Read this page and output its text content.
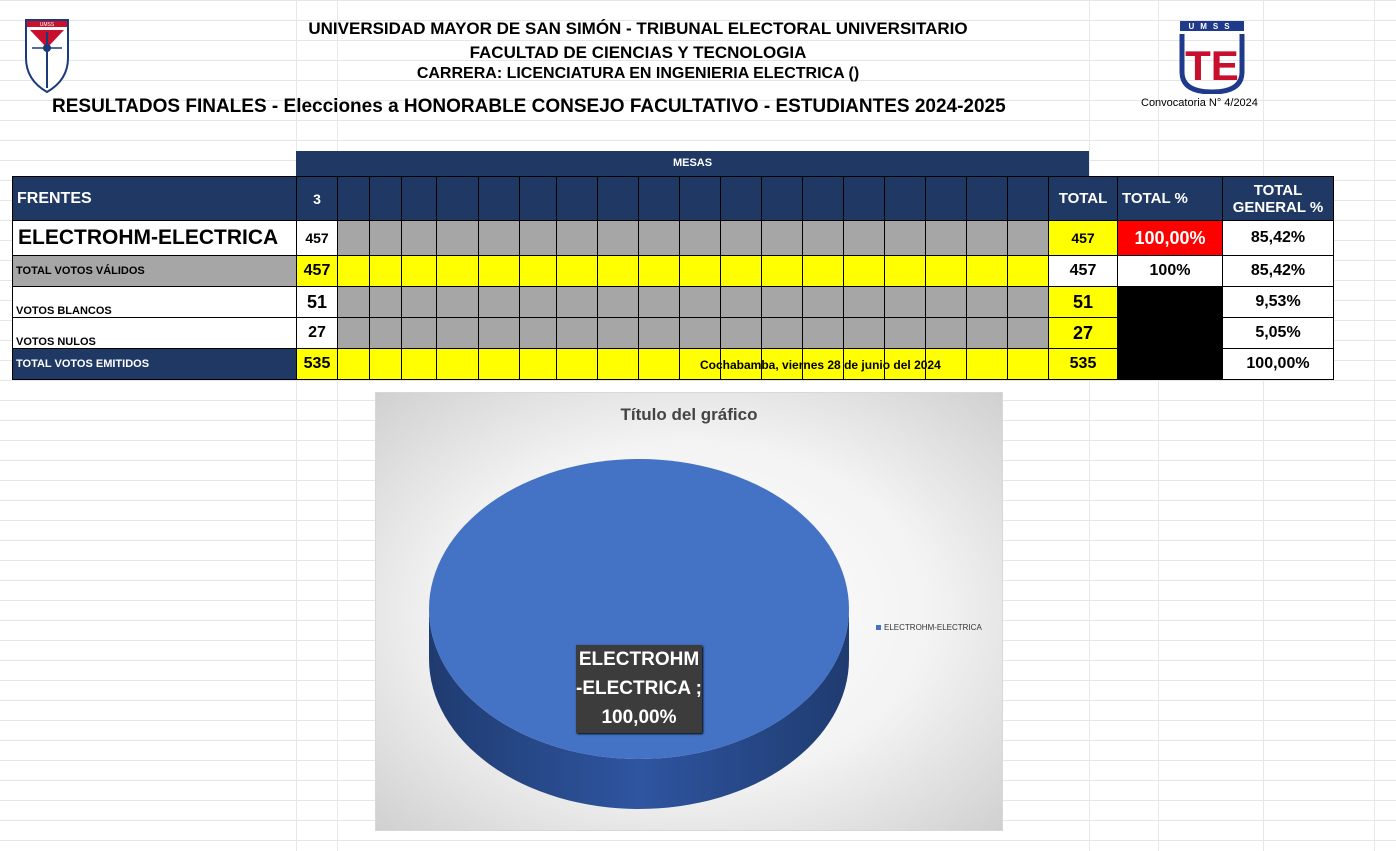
UMSS	UNIVERSIDAD MAYOR DE SAN SIMÓN - TRIBUNAL ELECTORAL UNIVERSITARIO
FACULTAD DE CIENCIAS Y TECNOLOGIA
CARRERA: LICENCIATURA EN INGENIERIA ELECTRICA ()
RESULTADOS FINALES - Elecciones a HONORABLE CONSEJO FACULTATIVO - ESTUDIANTES 2024-2025
UMSS
TE
Convocatoria N° 4/2024
MESAS
FRENTES	3																			TOTAL	TOTAL %	TOTAL GENERAL %
ELECTROHM-ELECTRICA	457																			457	100,00%	85,42%
TOTAL VOTOS VÁLIDOS	457																			457	100%	85,42%
VOTOS BLANCOS	51																			51		9,53%
VOTOS NULOS	27																			27		5,05%
TOTAL VOTOS EMITIDOS	535																			535		100,00%
Cochabamba, viernes 28 de junio del 2024
Título del gráfico
ELECTROHM
-ELECTRICA ;
100,00%
ELECTROHM-ELECTRICA
